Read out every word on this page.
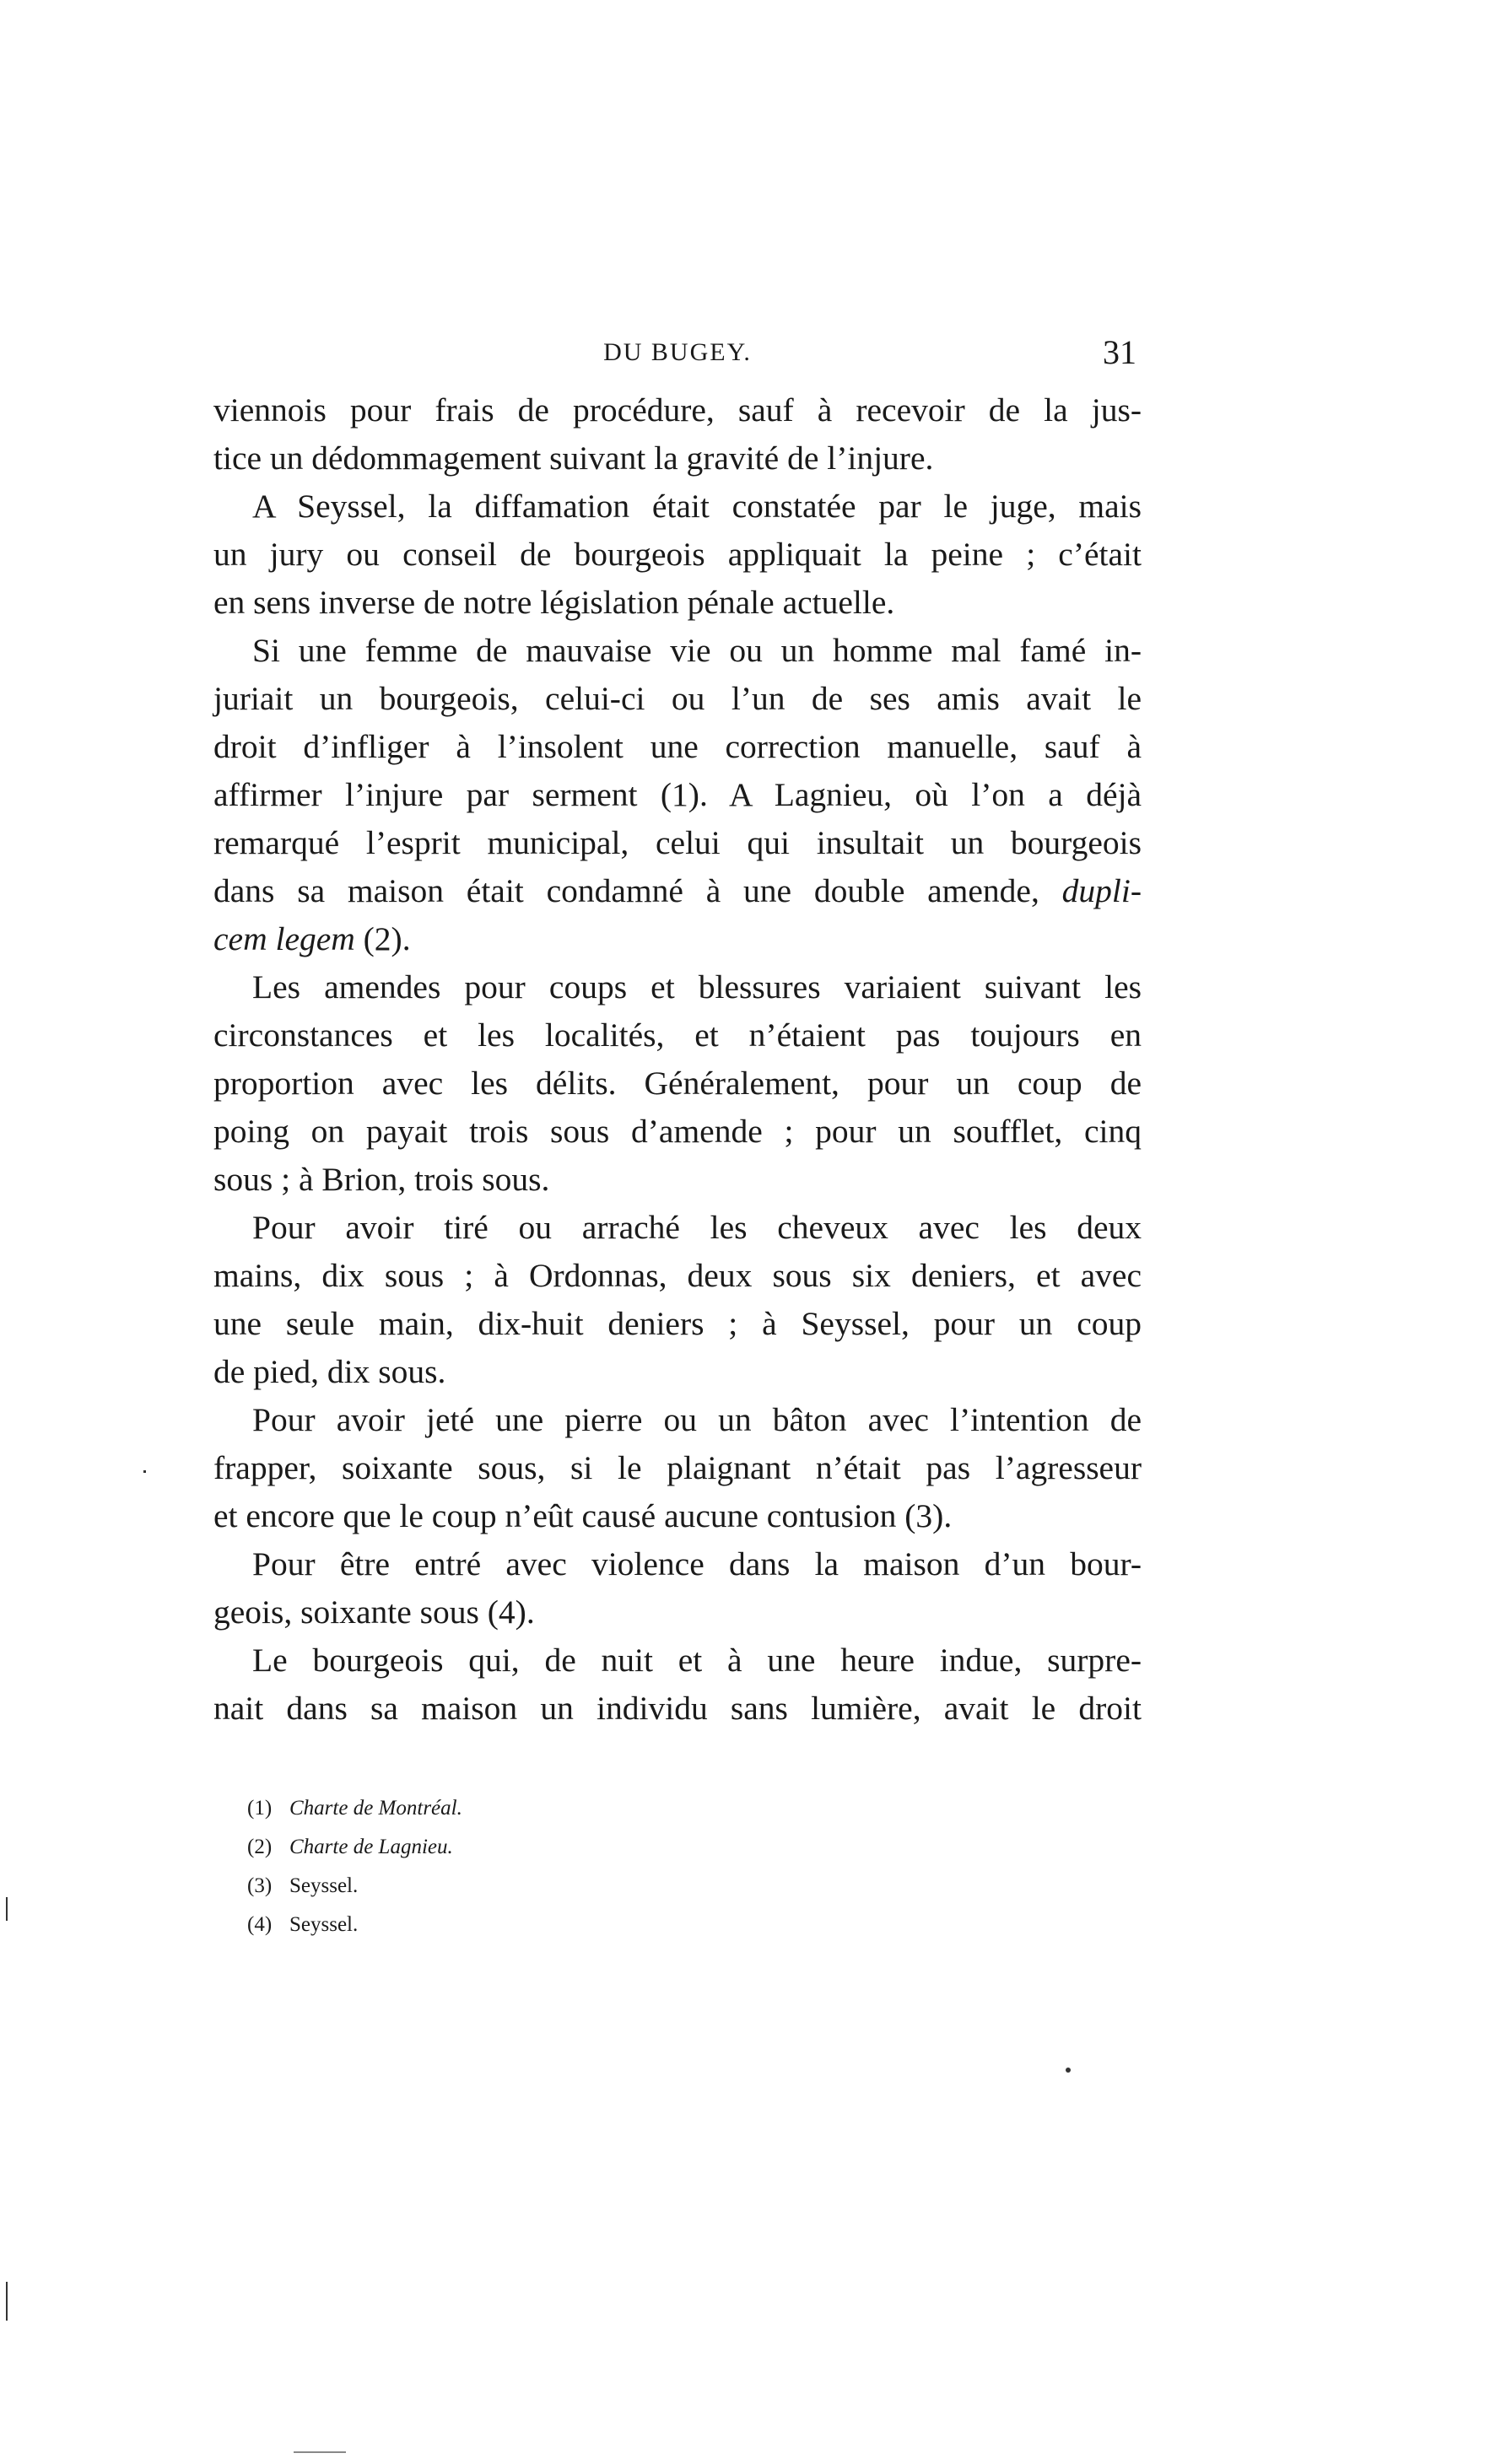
DU BUGEY.	31
viennois pour frais de procédure, sauf à recevoir de la jus-
tice un dédommagement suivant la gravité de l’injure.
A Seyssel, la diffamation était constatée par le juge, mais
un jury ou conseil de bourgeois appliquait la peine ; c’était
en sens inverse de notre législation pénale actuelle.
Si une femme de mauvaise vie ou un homme mal famé in-
juriait un bourgeois, celui-ci ou l’un de ses amis avait le
droit d’infliger à l’insolent une correction manuelle, sauf à
affirmer l’injure par serment (1). A Lagnieu, où l’on a déjà
remarqué l’esprit municipal, celui qui insultait un bourgeois
dans sa maison était condamné à une double amende, dupli-
cem legem (2).
Les amendes pour coups et blessures variaient suivant les
circonstances et les localités, et n’étaient pas toujours en
proportion avec les délits. Généralement, pour un coup de
poing on payait trois sous d’amende ; pour un soufflet, cinq
sous ; à Brion, trois sous.
Pour avoir tiré ou arraché les cheveux avec les deux
mains, dix sous ; à Ordonnas, deux sous six deniers, et avec
une seule main, dix-huit deniers ; à Seyssel, pour un coup
de pied, dix sous.
Pour avoir jeté une pierre ou un bâton avec l’intention de
frapper, soixante sous, si le plaignant n’était pas l’agresseur
et encore que le coup n’eût causé aucune contusion (3).
Pour être entré avec violence dans la maison d’un bour-
geois, soixante sous (4).
Le bourgeois qui, de nuit et à une heure indue, surpre-
nait dans sa maison un individu sans lumière, avait le droit
(1) Charte de Montréal.
(2) Charte de Lagnieu.
(3) Seyssel.
(4) Seyssel.
